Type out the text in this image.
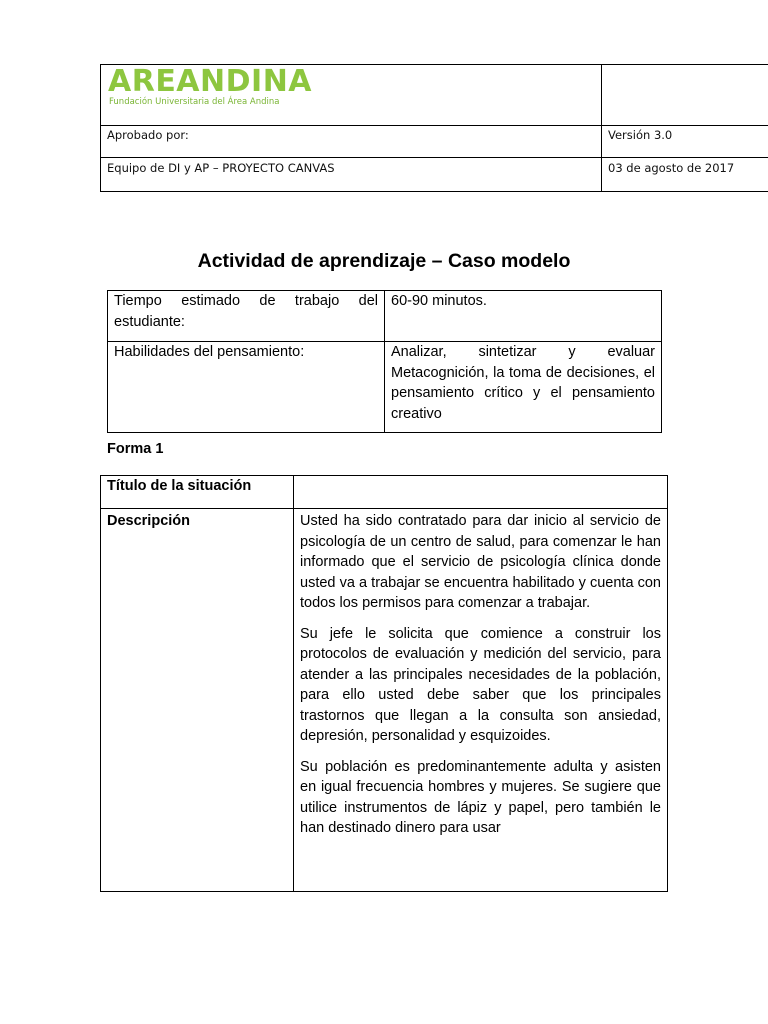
AREANDINA
Fundación Universitaria del Área Andina
Aprobado por:	Versión 3.0
Equipo de DI y AP – PROYECTO CANVAS	03 de agosto de 2017
Actividad de aprendizaje – Caso modelo
Tiempo estimado de trabajo del estudiante:	60-90 minutos.
Habilidades del pensamiento:	Analizar, sintetizar y evaluar Metacognición, la toma de decisiones, el pensamiento crítico y el pensamiento creativo
Forma 1
Título de la situación	
Descripción	Usted ha sido contratado para dar inicio al servicio de psicología de un centro de salud, para comenzar le han informado que el servicio de psicología clínica donde usted va a trabajar se encuentra habilitado y cuenta con todos los permisos para comenzar a trabajar.

Su jefe le solicita que comience a construir los protocolos de evaluación y medición del servicio, para atender a las principales necesidades de la población, para ello usted debe saber que los principales trastornos que llegan a la consulta son ansiedad, depresión, personalidad y esquizoides.

Su población es predominantemente adulta y asisten en igual frecuencia hombres y mujeres. Se sugiere que utilice instrumentos de lápiz y papel, pero también le han destinado dinero para usar
